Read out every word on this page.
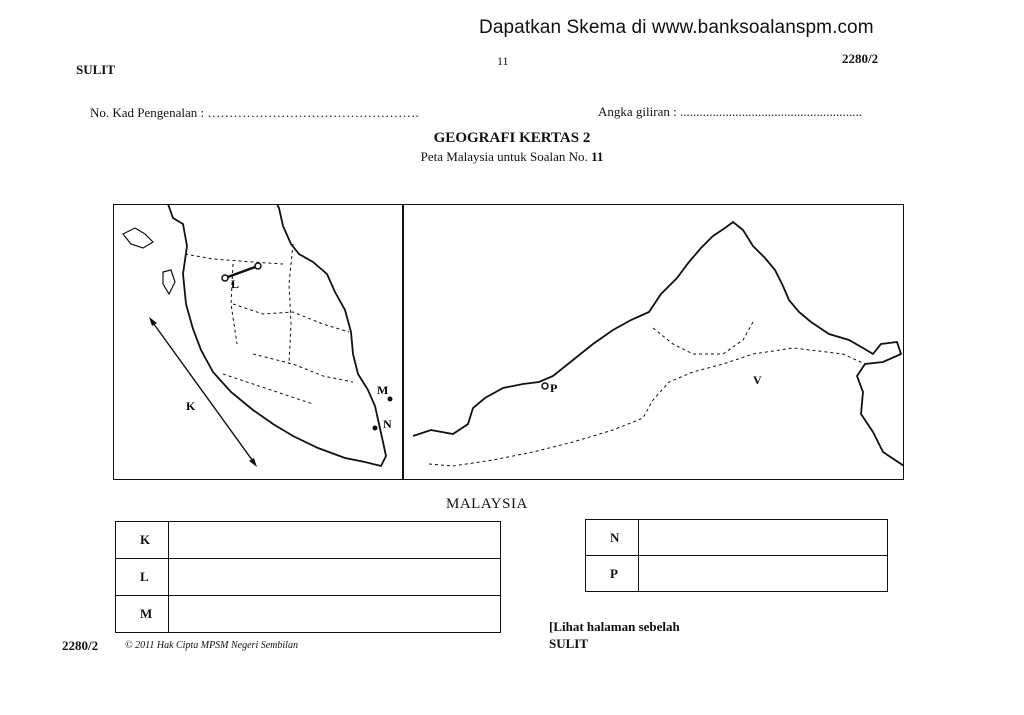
Dapatkan Skema di www.banksoalanspm.com
SULIT
11	2280/2
No. Kad Pengenalan : ………………………………………….	Angka giliran : ........................................................
GEOGRAFI KERTAS 2
Peta Malaysia untuk Soalan No. 11
L
K
M
N
P
V
MALAYSIA
K	
L	
M	
N	
P	
[Lihat halaman sebelah
SULIT
2280/2	© 2011 Hak Cipta MPSM Negeri Sembilan
